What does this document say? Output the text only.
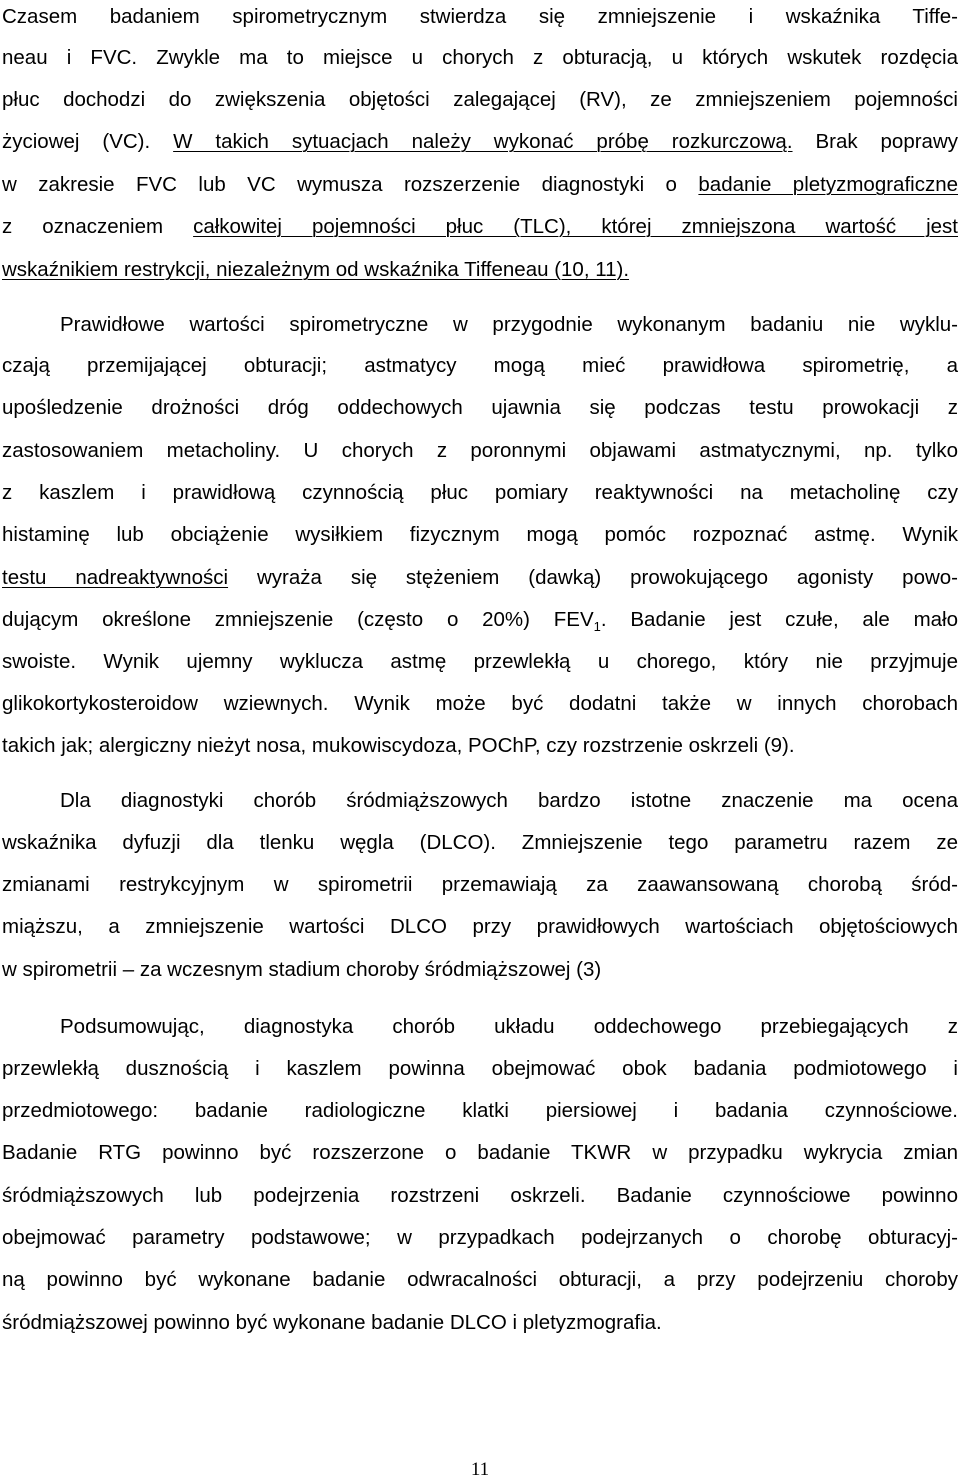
Czasem badaniem spirometrycznym stwierdza się zmniejszenie i wskaźnika Tiffe-
neau i FVC. Zwykle ma to miejsce u chorych z obturacją, u których wskutek rozdęcia
płuc dochodzi do zwiększenia objętości zalegającej (RV), ze zmniejszeniem pojemności
życiowej (VC). W takich sytuacjach należy wykonać próbę rozkurczową. Brak poprawy
w zakresie FVC lub VC wymusza rozszerzenie diagnostyki o badanie pletyzmograficzne
z oznaczeniem całkowitej pojemności płuc (TLC), której zmniejszona wartość jest
wskaźnikiem restrykcji, niezależnym od wskaźnika Tiffeneau (10, 11).
Prawidłowe wartości spirometryczne w przygodnie wykonanym badaniu nie wyklu-
czają przemijającej obturacji; astmatycy mogą mieć prawidłowa spirometrię, a
upośledzenie drożności dróg oddechowych ujawnia się podczas testu prowokacji z
zastosowaniem metacholiny. U chorych z poronnymi objawami astmatycznymi, np. tylko
z kaszlem i prawidłową czynnością płuc pomiary reaktywności na metacholinę czy
histaminę lub obciążenie wysiłkiem fizycznym mogą pomóc rozpoznać astmę. Wynik
testu nadreaktywności wyraża się stężeniem (dawką) prowokującego agonisty powo-
dującym określone zmniejszenie (często o 20%) $FEV_1$. Badanie jest czułe, ale mało
swoiste. Wynik ujemny wyklucza astmę przewlekłą u chorego, który nie przyjmuje
glikokortykosteroidow wziewnych. Wynik może być dodatni także w innych chorobach
takich jak; alergiczny nieżyt nosa, mukowiscydoza, POChP, czy rozstrzenie oskrzeli (9).
Dla diagnostyki chorób śródmiąższowych bardzo istotne znaczenie ma ocena
wskaźnika dyfuzji dla tlenku węgla (DLCO). Zmniejszenie tego parametru razem ze
zmianami restrykcyjnym w spirometrii przemawiają za zaawansowaną chorobą śród-
miąższu, a zmniejszenie wartości DLCO przy prawidłowych wartościach objętościowych
w spirometrii – za wczesnym stadium choroby śródmiąższowej (3)
Podsumowując, diagnostyka chorób układu oddechowego przebiegających z
przewlekłą dusznością i kaszlem powinna obejmować obok badania podmiotowego i
przedmiotowego: badanie radiologiczne klatki piersiowej i badania czynnościowe.
Badanie RTG powinno być rozszerzone o badanie TKWR w przypadku wykrycia zmian
śródmiąższowych lub podejrzenia rozstrzeni oskrzeli. Badanie czynnościowe powinno
obejmować parametry podstawowe; w przypadkach podejrzanych o chorobę obturacyj-
ną powinno być wykonane badanie odwracalności obturacji, a przy podejrzeniu choroby
śródmiąższowej powinno być wykonane badanie DLCO i pletyzmografia.
11
